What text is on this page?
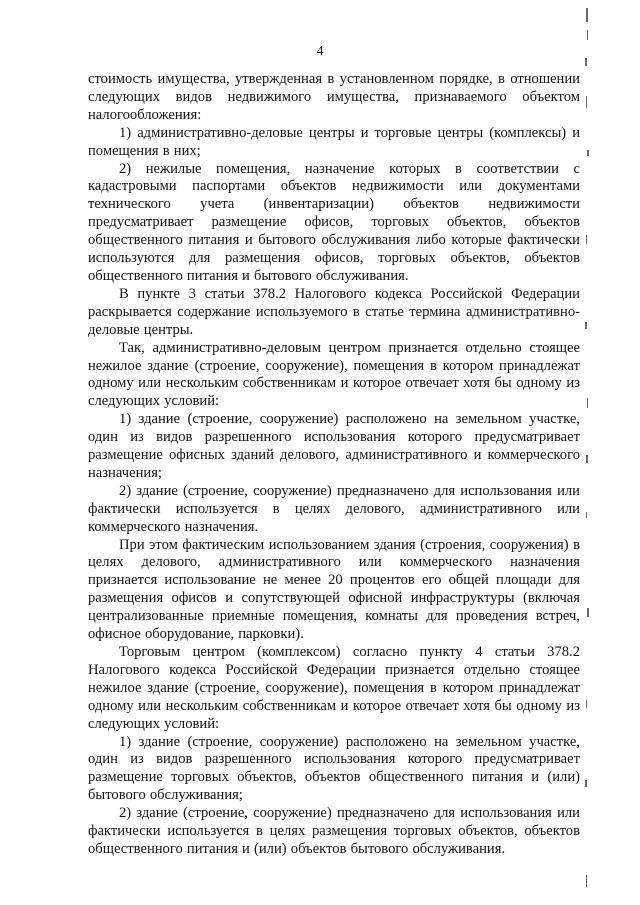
4

стоимость имущества, утвержденная в установленном порядке, в отношении следующих видов недвижимого имущества, признаваемого объектом налогообложения:

1) административно-деловые центры и торговые центры (комплексы) и помещения в них;

2) нежилые помещения, назначение которых в соответствии с кадастровыми паспортами объектов недвижимости или документами технического учета (инвентаризации) объектов недвижимости предусматривает размещение офисов, торговых объектов, объектов общественного питания и бытового обслуживания либо которые фактически используются для размещения офисов, торговых объектов, объектов общественного питания и бытового обслуживания.

В пункте 3 статьи 378.2 Налогового кодекса Российской Федерации раскрывается содержание используемого в статье термина административно-деловые центры.

Так, административно-деловым центром признается отдельно стоящее нежилое здание (строение, сооружение), помещения в котором принадлежат одному или нескольким собственникам и которое отвечает хотя бы одному из следующих условий:

1) здание (строение, сооружение) расположено на земельном участке, один из видов разрешенного использования которого предусматривает размещение офисных зданий делового, административного и коммерческого назначения;

2) здание (строение, сооружение) предназначено для использования или фактически используется в целях делового, административного или коммерческого назначения.

При этом фактическим использованием здания (строения, сооружения) в целях делового, административного или коммерческого назначения признается использование не менее 20 процентов его общей площади для размещения офисов и сопутствующей офисной инфраструктуры (включая централизованные приемные помещения, комнаты для проведения встреч, офисное оборудование, парковки).

Торговым центром (комплексом) согласно пункту 4 статьи 378.2 Налогового кодекса Российской Федерации признается отдельно стоящее нежилое здание (строение, сооружение), помещения в котором принадлежат одному или нескольким собственникам и которое отвечает хотя бы одному из следующих условий:

1) здание (строение, сооружение) расположено на земельном участке, один из видов разрешенного использования которого предусматривает размещение торговых объектов, объектов общественного питания и (или) бытового обслуживания;

2) здание (строение, сооружение) предназначено для использования или фактически используется в целях размещения торговых объектов, объектов общественного питания и (или) объектов бытового обслуживания.
